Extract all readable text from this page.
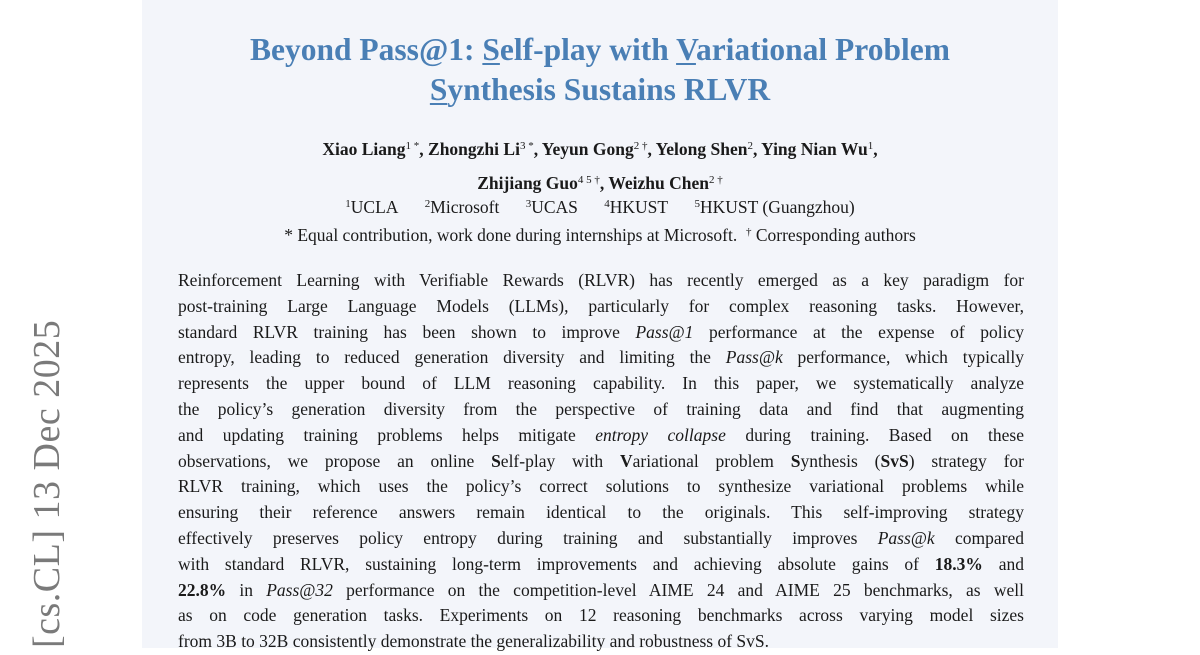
[cs.CL] 13 Dec 2025
Beyond Pass@1: Self-play with Variational Problem
Synthesis Sustains RLVR
Xiao Liang$^{1 *}$, Zhongzhi $Li^{3 *}$, Yeyun Gong$^{2 \dagger}$, Yelong Shen$^2$, Ying Nian Wu$^1$,
Zhijiang Guo$^{4 5 \dagger}$, Weizhu Chen$^{2 \dagger}$
$^1$UCLA $^2$Microsoft $^3$UCAS $^4$HKUST $^5$HKUST (Guangzhou)
* Equal contribution, work done during internships at Microsoft. † Corresponding authors
Reinforcement Learning with Verifiable Rewards (RLVR) has recently emerged as a key paradigm for
post-training Large Language Models (LLMs), particularly for complex reasoning tasks. However,
standard RLVR training has been shown to improve Pass@1 performance at the expense of policy
entropy, leading to reduced generation diversity and limiting the Pass@k performance, which typically
represents the upper bound of LLM reasoning capability. In this paper, we systematically analyze
the policy’s generation diversity from the perspective of training data and find that augmenting
and updating training problems helps mitigate entropy collapse during training. Based on these
observations, we propose an online Self-play with Variational problem Synthesis (SvS) strategy for
RLVR training, which uses the policy’s correct solutions to synthesize variational problems while
ensuring their reference answers remain identical to the originals. This self-improving strategy
effectively preserves policy entropy during training and substantially improves Pass@k compared
with standard RLVR, sustaining long-term improvements and achieving absolute gains of 18.3% and
22.8% in Pass@32 performance on the competition-level AIME 24 and AIME 25 benchmarks, as well
as on code generation tasks. Experiments on 12 reasoning benchmarks across varying model sizes
from 3B to 32B consistently demonstrate the generalizability and robustness of SvS.
